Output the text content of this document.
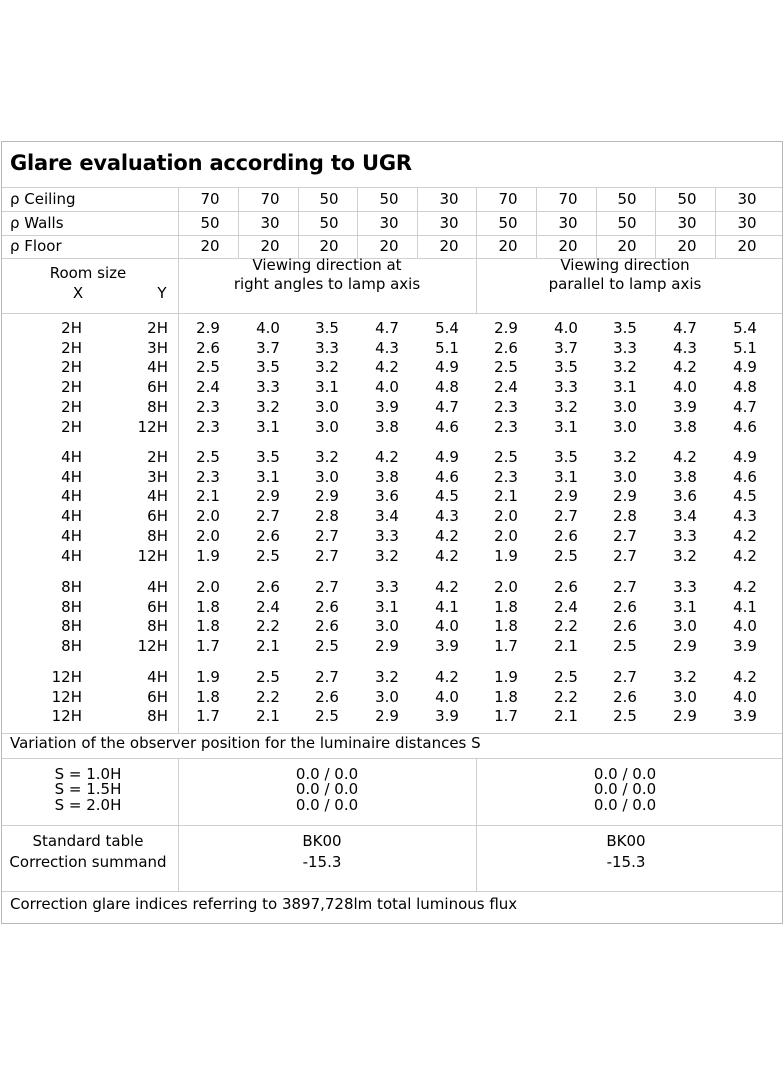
Glare evaluation according to UGR
ρ Ceiling	70	70	50	50	30	70	70	50	50	30
ρ Walls	50	30	50	30	30	50	30	50	30	30
ρ Floor	20	20	20	20	20	20	20	20	20	20
Room size
X	Y
Viewing direction at
right angles to lamp axis
Viewing direction
parallel to lamp axis
2H	2H	2.9	4.0	3.5	4.7	5.4	2.9	4.0	3.5	4.7	5.4
2H	3H	2.6	3.7	3.3	4.3	5.1	2.6	3.7	3.3	4.3	5.1
2H	4H	2.5	3.5	3.2	4.2	4.9	2.5	3.5	3.2	4.2	4.9
2H	6H	2.4	3.3	3.1	4.0	4.8	2.4	3.3	3.1	4.0	4.8
2H	8H	2.3	3.2	3.0	3.9	4.7	2.3	3.2	3.0	3.9	4.7
2H	12H	2.3	3.1	3.0	3.8	4.6	2.3	3.1	3.0	3.8	4.6
4H	2H	2.5	3.5	3.2	4.2	4.9	2.5	3.5	3.2	4.2	4.9
4H	3H	2.3	3.1	3.0	3.8	4.6	2.3	3.1	3.0	3.8	4.6
4H	4H	2.1	2.9	2.9	3.6	4.5	2.1	2.9	2.9	3.6	4.5
4H	6H	2.0	2.7	2.8	3.4	4.3	2.0	2.7	2.8	3.4	4.3
4H	8H	2.0	2.6	2.7	3.3	4.2	2.0	2.6	2.7	3.3	4.2
4H	12H	1.9	2.5	2.7	3.2	4.2	1.9	2.5	2.7	3.2	4.2
8H	4H	2.0	2.6	2.7	3.3	4.2	2.0	2.6	2.7	3.3	4.2
8H	6H	1.8	2.4	2.6	3.1	4.1	1.8	2.4	2.6	3.1	4.1
8H	8H	1.8	2.2	2.6	3.0	4.0	1.8	2.2	2.6	3.0	4.0
8H	12H	1.7	2.1	2.5	2.9	3.9	1.7	2.1	2.5	2.9	3.9
12H	4H	1.9	2.5	2.7	3.2	4.2	1.9	2.5	2.7	3.2	4.2
12H	6H	1.8	2.2	2.6	3.0	4.0	1.8	2.2	2.6	3.0	4.0
12H	8H	1.7	2.1	2.5	2.9	3.9	1.7	2.1	2.5	2.9	3.9
Variation of the observer position for the luminaire distances S
S = 1.0H	0.0 / 0.0	0.0 / 0.0
S = 1.5H	0.0 / 0.0	0.0 / 0.0
S = 2.0H	0.0 / 0.0	0.0 / 0.0
Standard table	BK00	BK00
Correction summand	-15.3	-15.3
Correction glare indices referring to 3897,728lm total luminous flux
